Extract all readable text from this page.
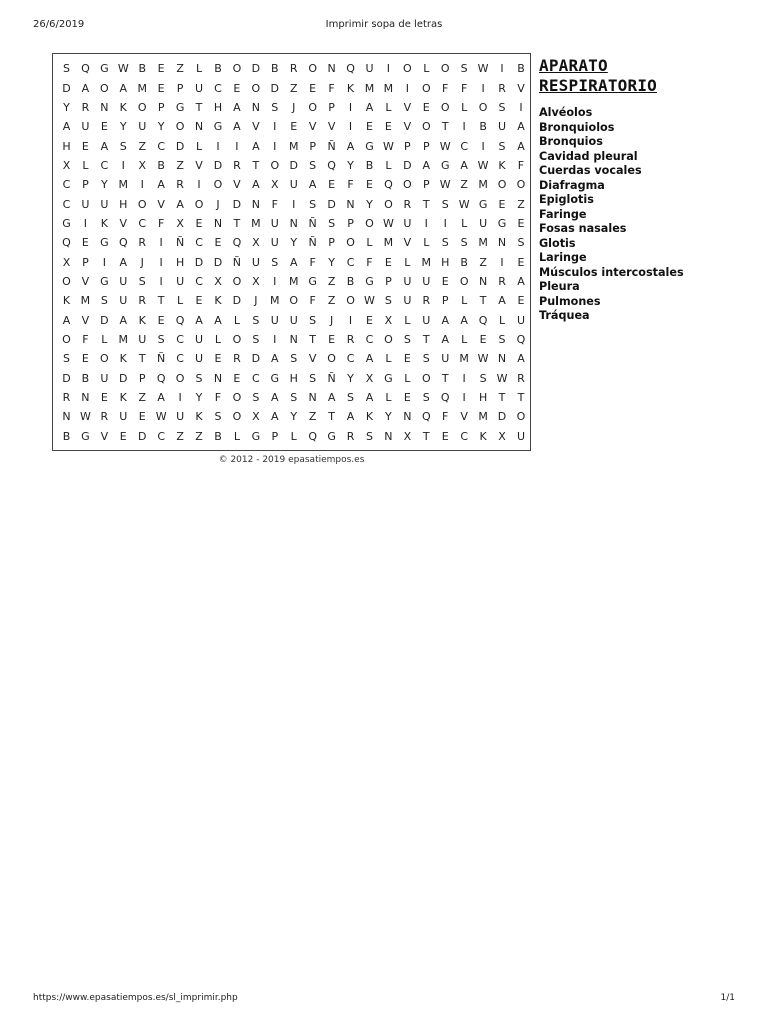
26/6/2019	Imprimir sopa de letras
S	Q G W B	E	Z	L	B O D B	R O N Q U	I	O	L	O	S W	I	B
D A O A M E	P	U	C	E	O D Z	E	F	K M M	I	O	F	F	I	R	V
Y	R N	K O	P	G	T	H	A	N	S	J	O	P	I	A	L	V	E	O	L	O	S	I
A	U	E	Y	U	Y	O N G A	V	I	E	V	V	I	E	E	V O	T	I	B	U	A
H	E	A	S	Z	C D	L	I	I	A	I	M P	Ñ	A G W P	P W C	I	S	A
X	L	C	I	X	B	Z	V D R	T	O D	S	Q	Y	B	L	D A G A W K	F
C	P	Y M	I	A	R	I	O V	A	X	U	A	E	F	E	Q O	P W Z M O O
C	U U H O V	A O	J	D N	F	I	S	D N	Y	O R	T	S W G	E	Z
G	I	K	V	C	F	X	E	N	T M U N Ñ	S	P	O W U	I	I	L	U G	E
Q	E	G Q R	I	Ñ C	E	Q X	U	Y	Ñ	P	O	L	M V	L	S	S M N	S
X	P	I	A	J	I	H D D Ñ U	S	A	F	Y	C	F	E	L	M H	B	Z	I	E
O V G U	S	I	U	C	X O X	I	M G Z	B G	P	U U	E	O N	R	A
K M S	U	R	T	L	E	K	D	J	M O	F	Z O W S	U	R	P	L	T	A	E
A	V D A	K	E	Q A	A	L	S	U U	S	J	I	E	X	L	U	A	A Q	L	U
O	F	L	M U	S	C	U	L	O	S	I	N	T	E	R	C O	S	T	A	L	E	S	Q
S	E	O	K	T	Ñ C	U	E	R D A	S	V O C	A	L	E	S	U M W N	A
D B	U D	P	Q O	S	N	E	C G H	S	Ñ	Y	X G	L	O	T	I	S W R
R N	E	K	Z	A	I	Y	F	O	S	A	S	N	A	S	A	L	E	S	Q	I	H	T	T
N W R	U	E W U	K	S	O X	A	Y	Z	T	A	K	Y	N Q	F	V M D O
B G V	E	D C	Z	Z	B	L	G	P	L	Q G R	S	N	X	T	E	C	K	X	U
© 2012 - 2019 epasatiempos.es
APARATO
RESPIRATORIO
Alvéolos
Bronquiolos
Bronquios
Cavidad pleural
Cuerdas vocales
Diafragma
Epiglotis
Faringe
Fosas nasales
Glotis
Laringe
Músculos intercostales
Pleura
Pulmones
Tráquea
https://www.epasatiempos.es/sl_imprimir.php	1/1
